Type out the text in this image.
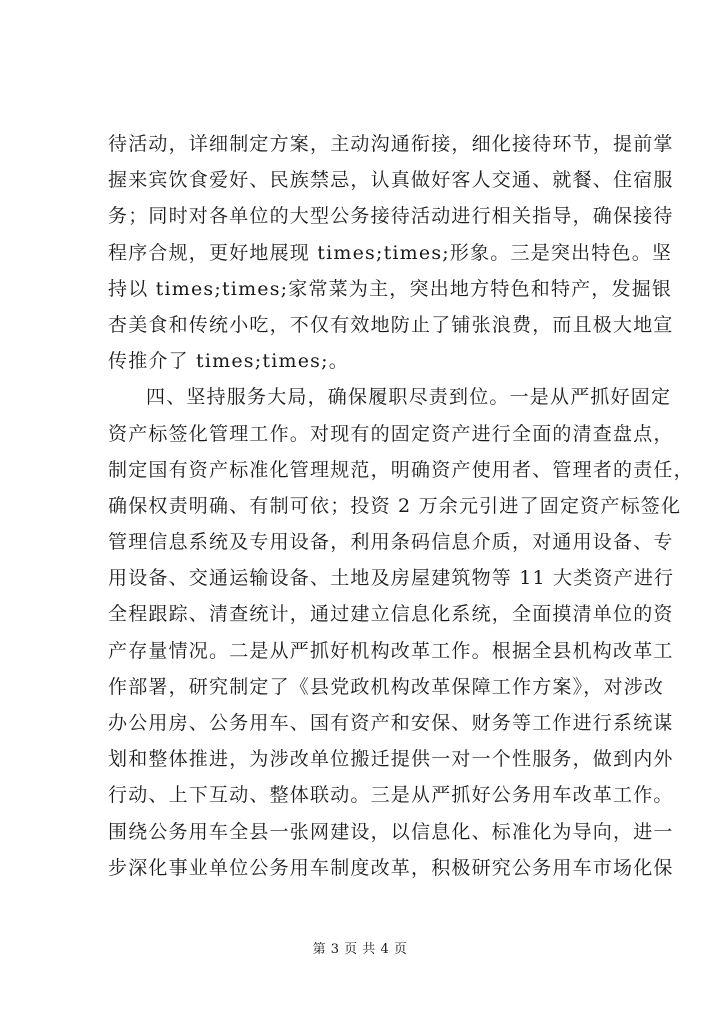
待活动，详细制定方案，主动沟通衔接，细化接待环节，提前掌
握来宾饮食爱好、民族禁忌，认真做好客人交通、就餐、住宿服
务；同时对各单位的大型公务接待活动进行相关指导，确保接待
程序合规，更好地展现 times;times;形象。三是突出特色。坚
持以 times;times;家常菜为主，突出地方特色和特产，发掘银
杏美食和传统小吃，不仅有效地防止了铺张浪费，而且极大地宣
传推介了 times;times;。
四、坚持服务大局，确保履职尽责到位。一是从严抓好固定
资产标签化管理工作。对现有的固定资产进行全面的清查盘点，
制定国有资产标准化管理规范，明确资产使用者、管理者的责任，
确保权责明确、有制可依；投资 2 万余元引进了固定资产标签化
管理信息系统及专用设备，利用条码信息介质，对通用设备、专
用设备、交通运输设备、土地及房屋建筑物等 11 大类资产进行
全程跟踪、清查统计，通过建立信息化系统，全面摸清单位的资
产存量情况。二是从严抓好机构改革工作。根据全县机构改革工
作部署，研究制定了《县党政机构改革保障工作方案》，对涉改
办公用房、公务用车、国有资产和安保、财务等工作进行系统谋
划和整体推进，为涉改单位搬迁提供一对一个性服务，做到内外
行动、上下互动、整体联动。三是从严抓好公务用车改革工作。
围绕公务用车全县一张网建设，以信息化、标准化为导向，进一
步深化事业单位公务用车制度改革，积极研究公务用车市场化保
第 3 页 共 4 页
